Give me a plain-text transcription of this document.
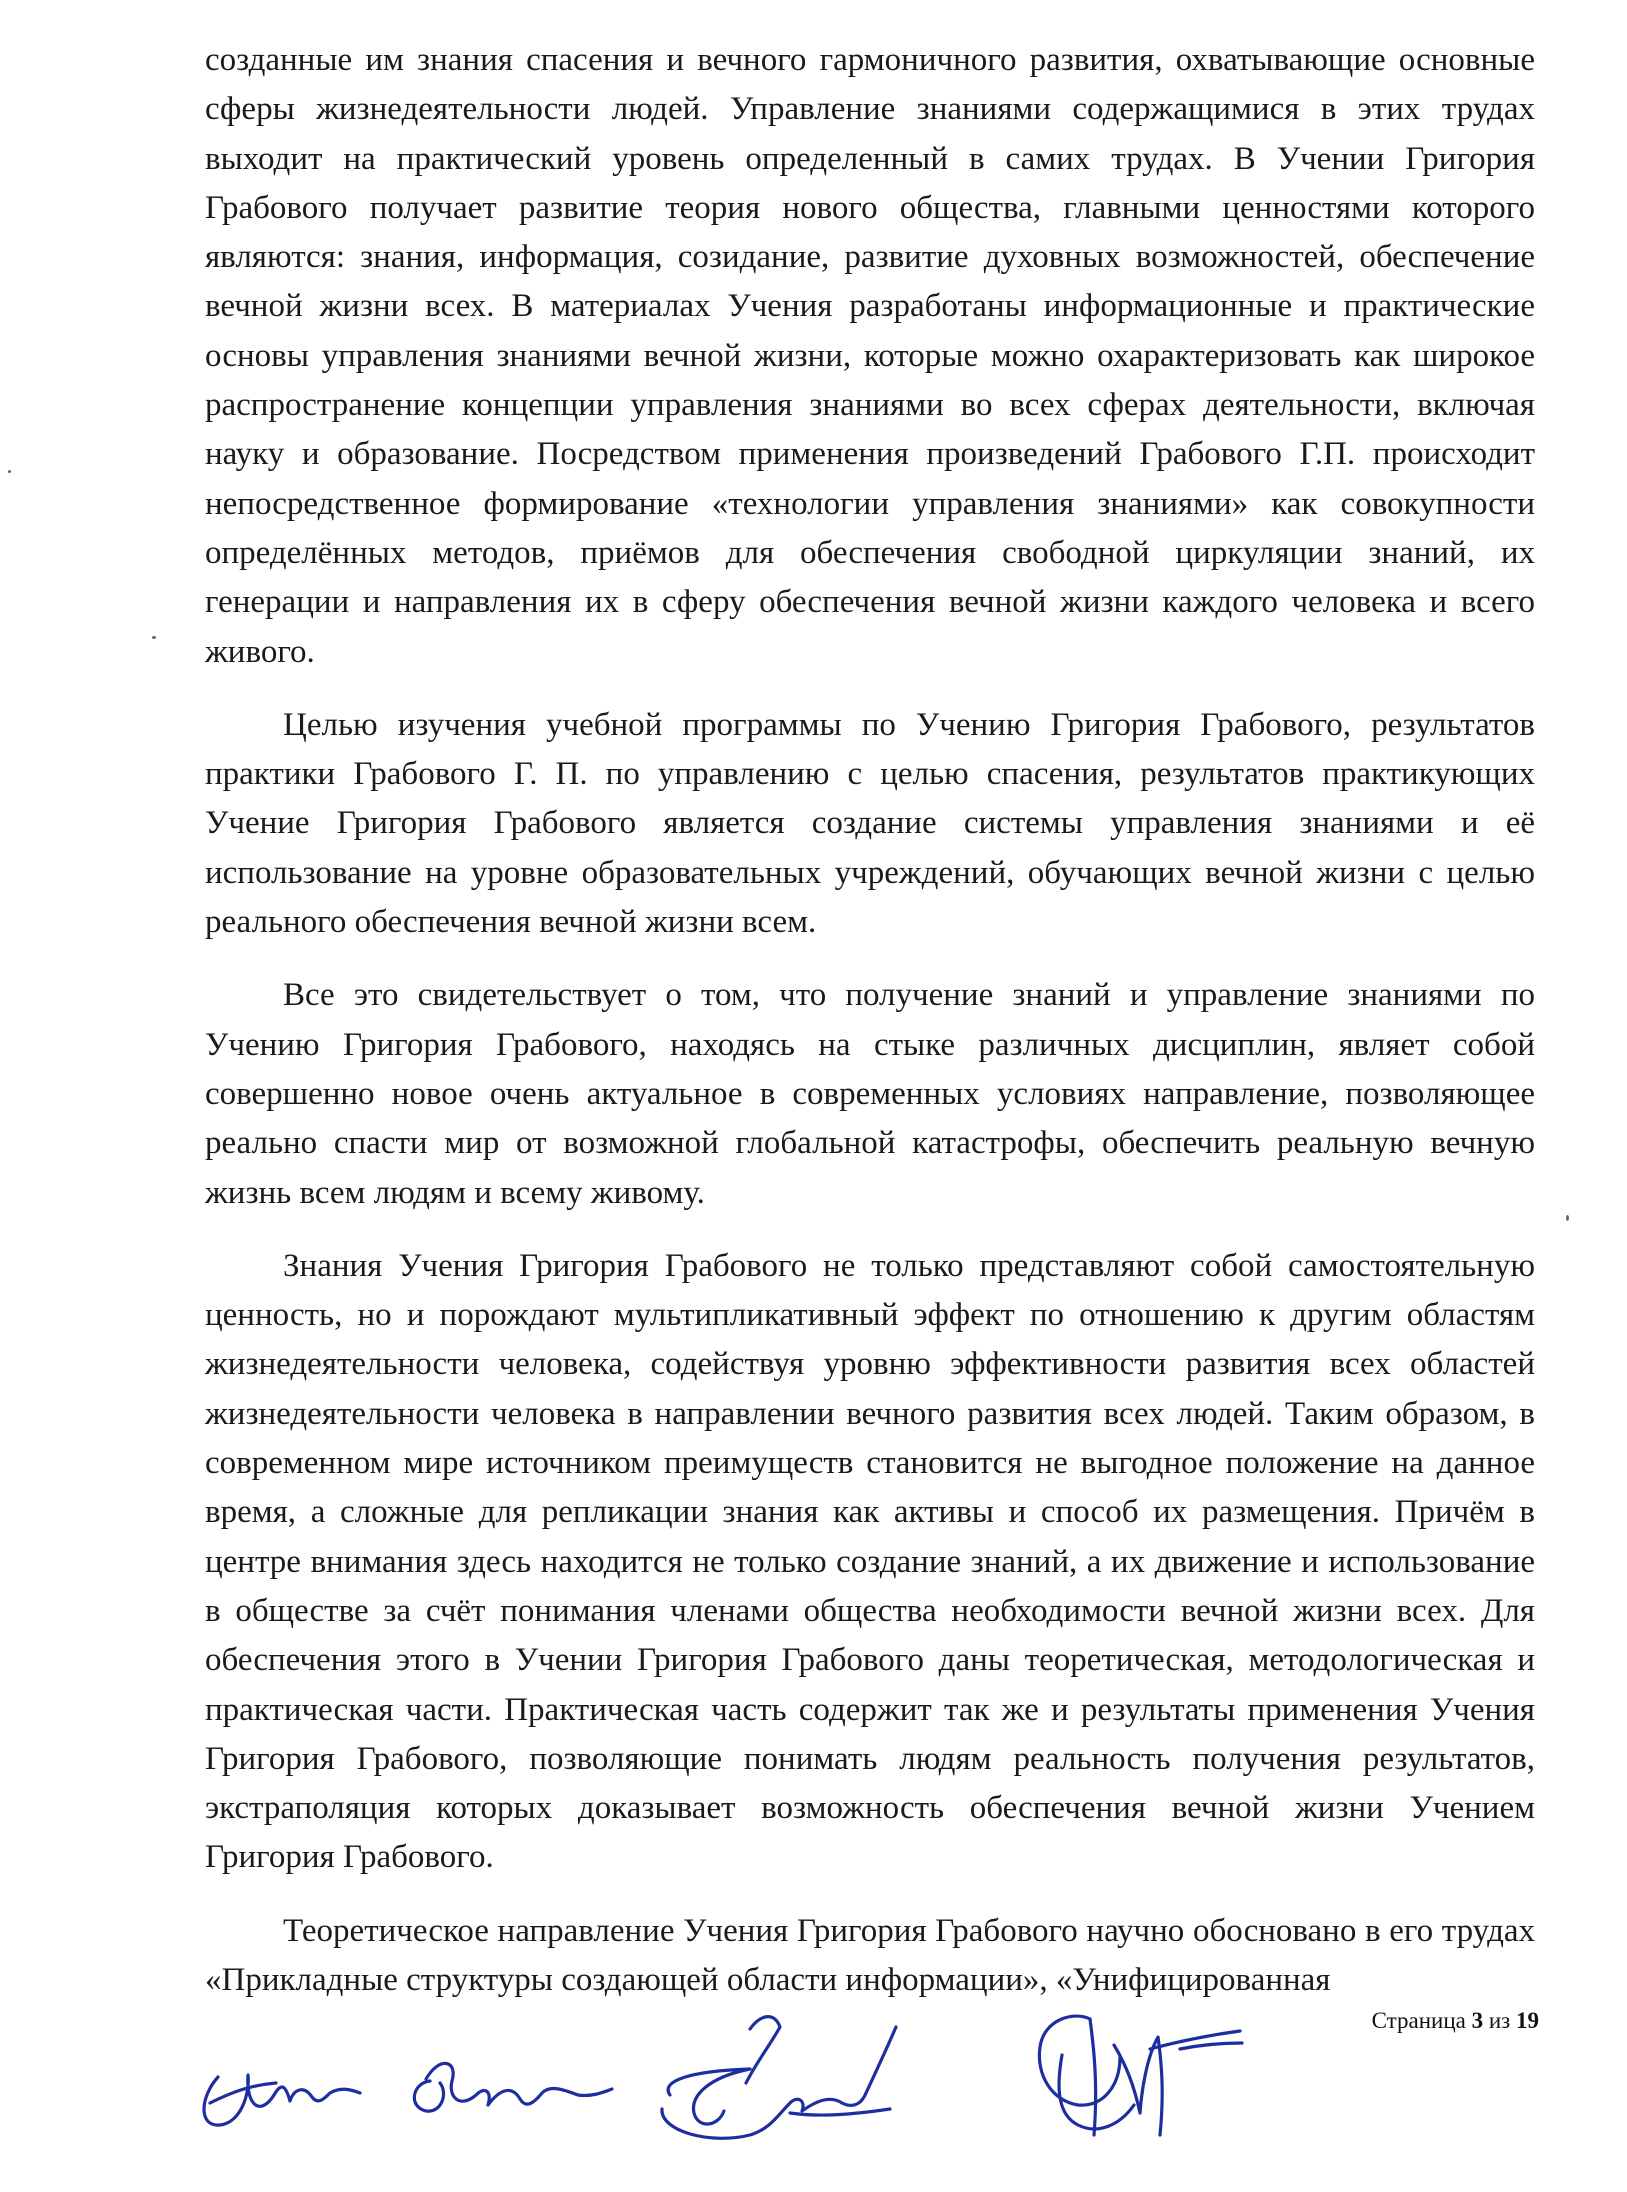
созданные им знания спасения и вечного гармоничного развития, охватывающие основные сферы жизнедеятельности людей. Управление знаниями содержащимися в этих трудах выходит на практический уровень определенный в самих трудах. В Учении Григория Грабового получает развитие теория нового общества, главными ценностями которого являются: знания, информация, созидание, развитие духовных возможностей, обеспечение вечной жизни всех. В материалах Учения разработаны информационные и практические основы управления знаниями вечной жизни, которые можно охарактеризовать как широкое распространение концепции управления знаниями во всех сферах деятельности, включая науку и образование. Посредством применения произведений Грабового Г.П. происходит непосредственное формирование «технологии управления знаниями» как совокупности определённых методов, приёмов для обеспечения свободной циркуляции знаний, их генерации и направления их в сферу обеспечения вечной жизни каждого человека и всего живого.

Целью изучения учебной программы по Учению Григория Грабового, результатов практики Грабового Г. П. по управлению с целью спасения, результатов практикующих Учение Григория Грабового является создание системы управления знаниями и её использование на уровне образовательных учреждений, обучающих вечной жизни с целью реального обеспечения вечной жизни всем.

Все это свидетельствует о том, что получение знаний и управление знаниями по Учению Григория Грабового, находясь на стыке различных дисциплин, являет собой совершенно новое очень актуальное в современных условиях направление, позволяющее реально спасти мир от возможной глобальной катастрофы, обеспечить реальную вечную жизнь всем людям и всему живому.

Знания Учения Григория Грабового не только представляют собой самостоятельную ценность, но и порождают мультипликативный эффект по отношению к другим областям жизнедеятельности человека, содействуя уровню эффективности развития всех областей жизнедеятельности человека в направлении вечного развития всех людей. Таким образом, в современном мире источником преимуществ становится не выгодное положение на данное время, а сложные для репликации знания как активы и способ их размещения. Причём в центре внимания здесь находится не только создание знаний, а их движение и использование в обществе за счёт понимания членами общества необходимости вечной жизни всех. Для обеспечения этого в Учении Григория Грабового даны теоретическая, методологическая и практическая части. Практическая часть содержит так же и результаты применения Учения Григория Грабового, позволяющие понимать людям реальность получения результатов, экстраполяция которых доказывает возможность обеспечения вечной жизни Учением Григория Грабового.

Теоретическое направление Учения Григория Грабового научно обосновано в его трудах «Прикладные структуры создающей области информации», «Унифицированная

Страница 3 из 19
